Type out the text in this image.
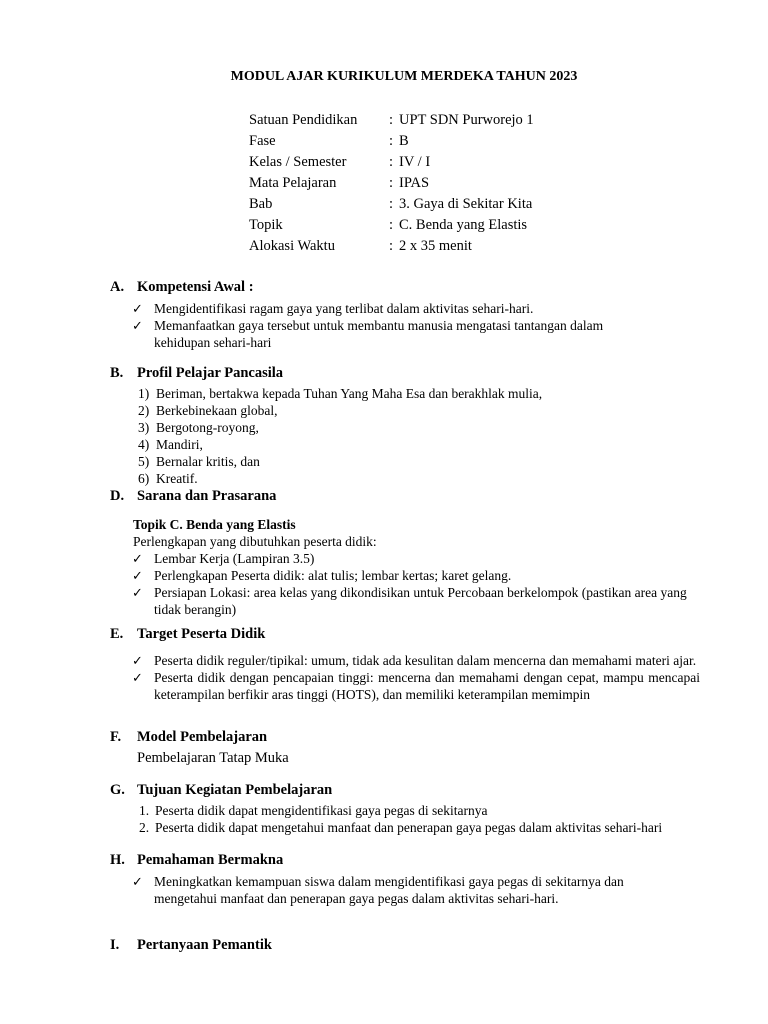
MODUL AJAR KURIKULUM MERDEKA TAHUN 2023
Satuan Pendidikan	: UPT SDN Purworejo 1
Fase	: B
Kelas / Semester	: IV / I
Mata Pelajaran	: IPAS
Bab	: 3. Gaya di Sekitar Kita
Topik	: C. Benda yang Elastis
Alokasi Waktu	: 2 x 35 menit
A. Kompetensi Awal :
✓ Mengidentifikasi ragam gaya yang terlibat dalam aktivitas sehari-hari.
✓ Memanfaatkan gaya tersebut untuk membantu manusia mengatasi tantangan dalam kehidupan sehari-hari
B. Profil Pelajar Pancasila
1) Beriman, bertakwa kepada Tuhan Yang Maha Esa dan berakhlak mulia,
2) Berkebinekaan global,
3) Bergotong-royong,
4) Mandiri,
5) Bernalar kritis, dan
6) Kreatif.
D. Sarana dan Prasarana
Topik C. Benda yang Elastis
Perlengkapan yang dibutuhkan peserta didik:
✓ Lembar Kerja (Lampiran 3.5)
✓ Perlengkapan Peserta didik: alat tulis; lembar kertas; karet gelang.
✓ Persiapan Lokasi: area kelas yang dikondisikan untuk Percobaan berkelompok (pastikan area yang tidak berangin)
E. Target Peserta Didik
✓ Peserta didik reguler/tipikal: umum, tidak ada kesulitan dalam mencerna dan memahami materi ajar.
✓ Peserta didik dengan pencapaian tinggi: mencerna dan memahami dengan cepat, mampu mencapai keterampilan berfikir aras tinggi (HOTS), dan memiliki keterampilan memimpin
F.	Model Pembelajaran
Pembelajaran Tatap Muka
G. Tujuan Kegiatan Pembelajaran
1. Peserta didik dapat mengidentifikasi gaya pegas di sekitarnya
2. Peserta didik dapat mengetahui manfaat dan penerapan gaya pegas dalam aktivitas sehari-hari
H. Pemahaman Bermakna
✓ Meningkatkan kemampuan siswa dalam mengidentifikasi gaya pegas di sekitarnya dan mengetahui manfaat dan penerapan gaya pegas dalam aktivitas sehari-hari.
I.	Pertanyaan Pemantik
